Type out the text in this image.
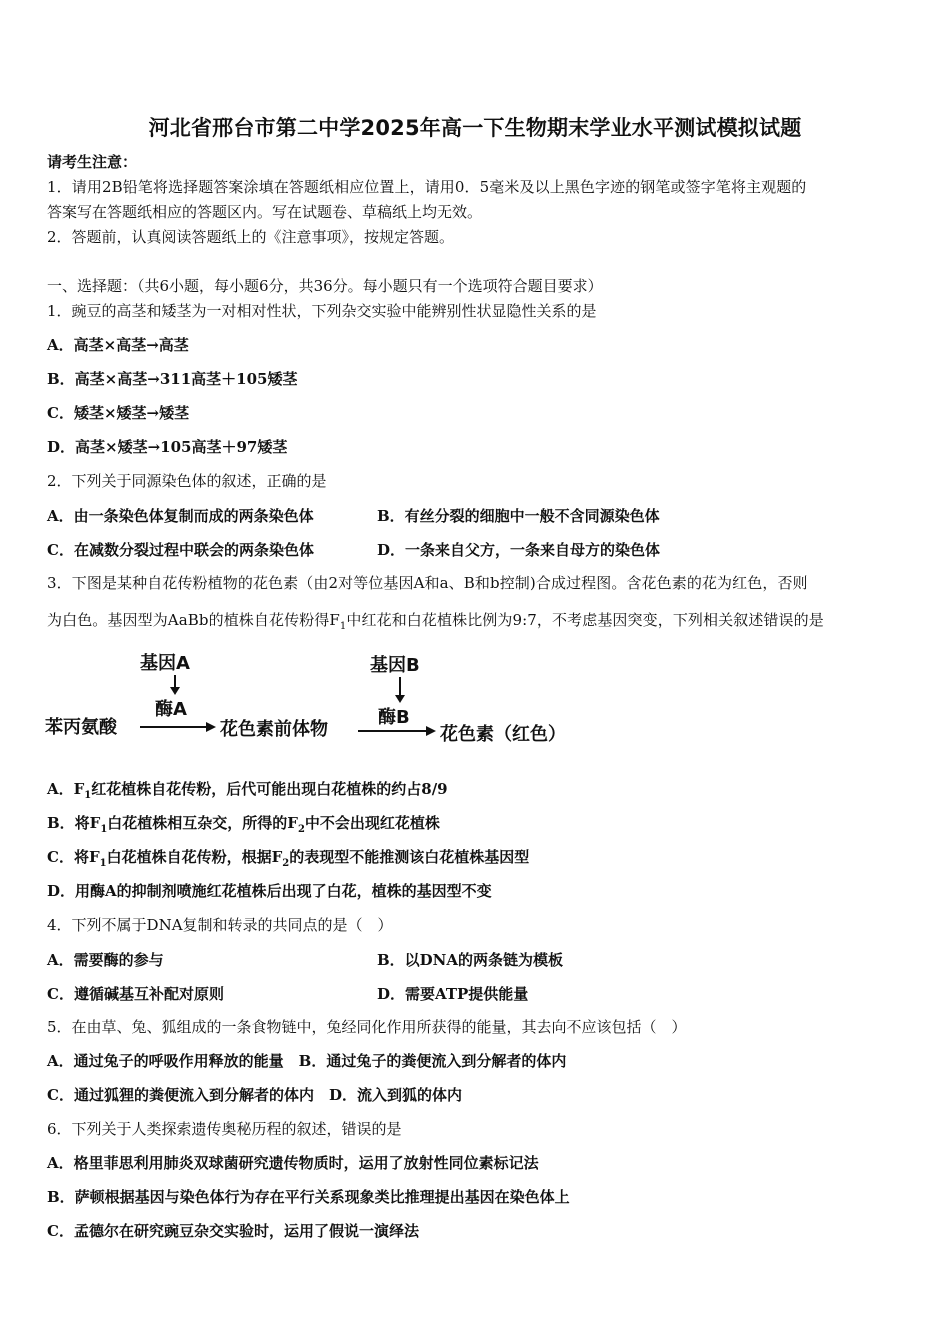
河北省邢台市第二中学2025年高一下生物期末学业水平测试模拟试题
请考生注意：
1．请用2B铅笔将选择题答案涂填在答题纸相应位置上，请用0．5毫米及以上黑色字迹的钢笔或签字笔将主观题的
答案写在答题纸相应的答题区内。写在试题卷、草稿纸上均无效。
2．答题前，认真阅读答题纸上的《注意事项》，按规定答题。
一、选择题：（共6小题，每小题6分，共36分。每小题只有一个选项符合题目要求）
1．豌豆的高茎和矮茎为一对相对性状，下列杂交实验中能辨别性状显隐性关系的是
A．高茎×高茎→高茎
B．高茎×高茎→311高茎＋105矮茎
C．矮茎×矮茎→矮茎
D．高茎×矮茎→105高茎＋97矮茎
2．下列关于同源染色体的叙述，正确的是
A．由一条染色体复制而成的两条染色体	B．有丝分裂的细胞中一般不含同源染色体
C．在减数分裂过程中联会的两条染色体	D．一条来自父方，一条来自母方的染色体
3．下图是某种自花传粉植物的花色素（由2对等位基因A和a、B和b控制)合成过程图。含花色素的花为红色，否则
为白色。基因型为AaBb的植株自花传粉得$F_1$中红花和白花植株比例为9:7，不考虑基因突变，下列相关叙述错误的是
基因A
酶A
基因B
酶B
苯丙氨酸	花色素前体物	花色素（红色）
A．$F_1$红花植株自花传粉，后代可能出现白花植株的约占8/9
B．将$F_1$白花植株相互杂交，所得的$F_2$中不会出现红花植株
C．将$F_1$白花植株自花传粉，根据$F_2$的表现型不能推测该白花植株基因型
D．用酶A的抑制剂喷施红花植株后出现了白花，植株的基因型不变
4．下列不属于DNA复制和转录的共同点的是（　）
A．需要酶的参与	B．以DNA的两条链为模板
C．遵循碱基互补配对原则	D．需要ATP提供能量
5．在由草、兔、狐组成的一条食物链中，兔经同化作用所获得的能量，其去向不应该包括（　）
A．通过兔子的呼吸作用释放的能量　B．通过兔子的粪便流入到分解者的体内
C．通过狐狸的粪便流入到分解者的体内　D．流入到狐的体内
6．下列关于人类探索遗传奥秘历程的叙述，错误的是
A．格里菲思利用肺炎双球菌研究遗传物质时，运用了放射性同位素标记法
B．萨顿根据基因与染色体行为存在平行关系现象类比推理提出基因在染色体上
C．孟德尔在研究豌豆杂交实验时，运用了假说一演绎法
